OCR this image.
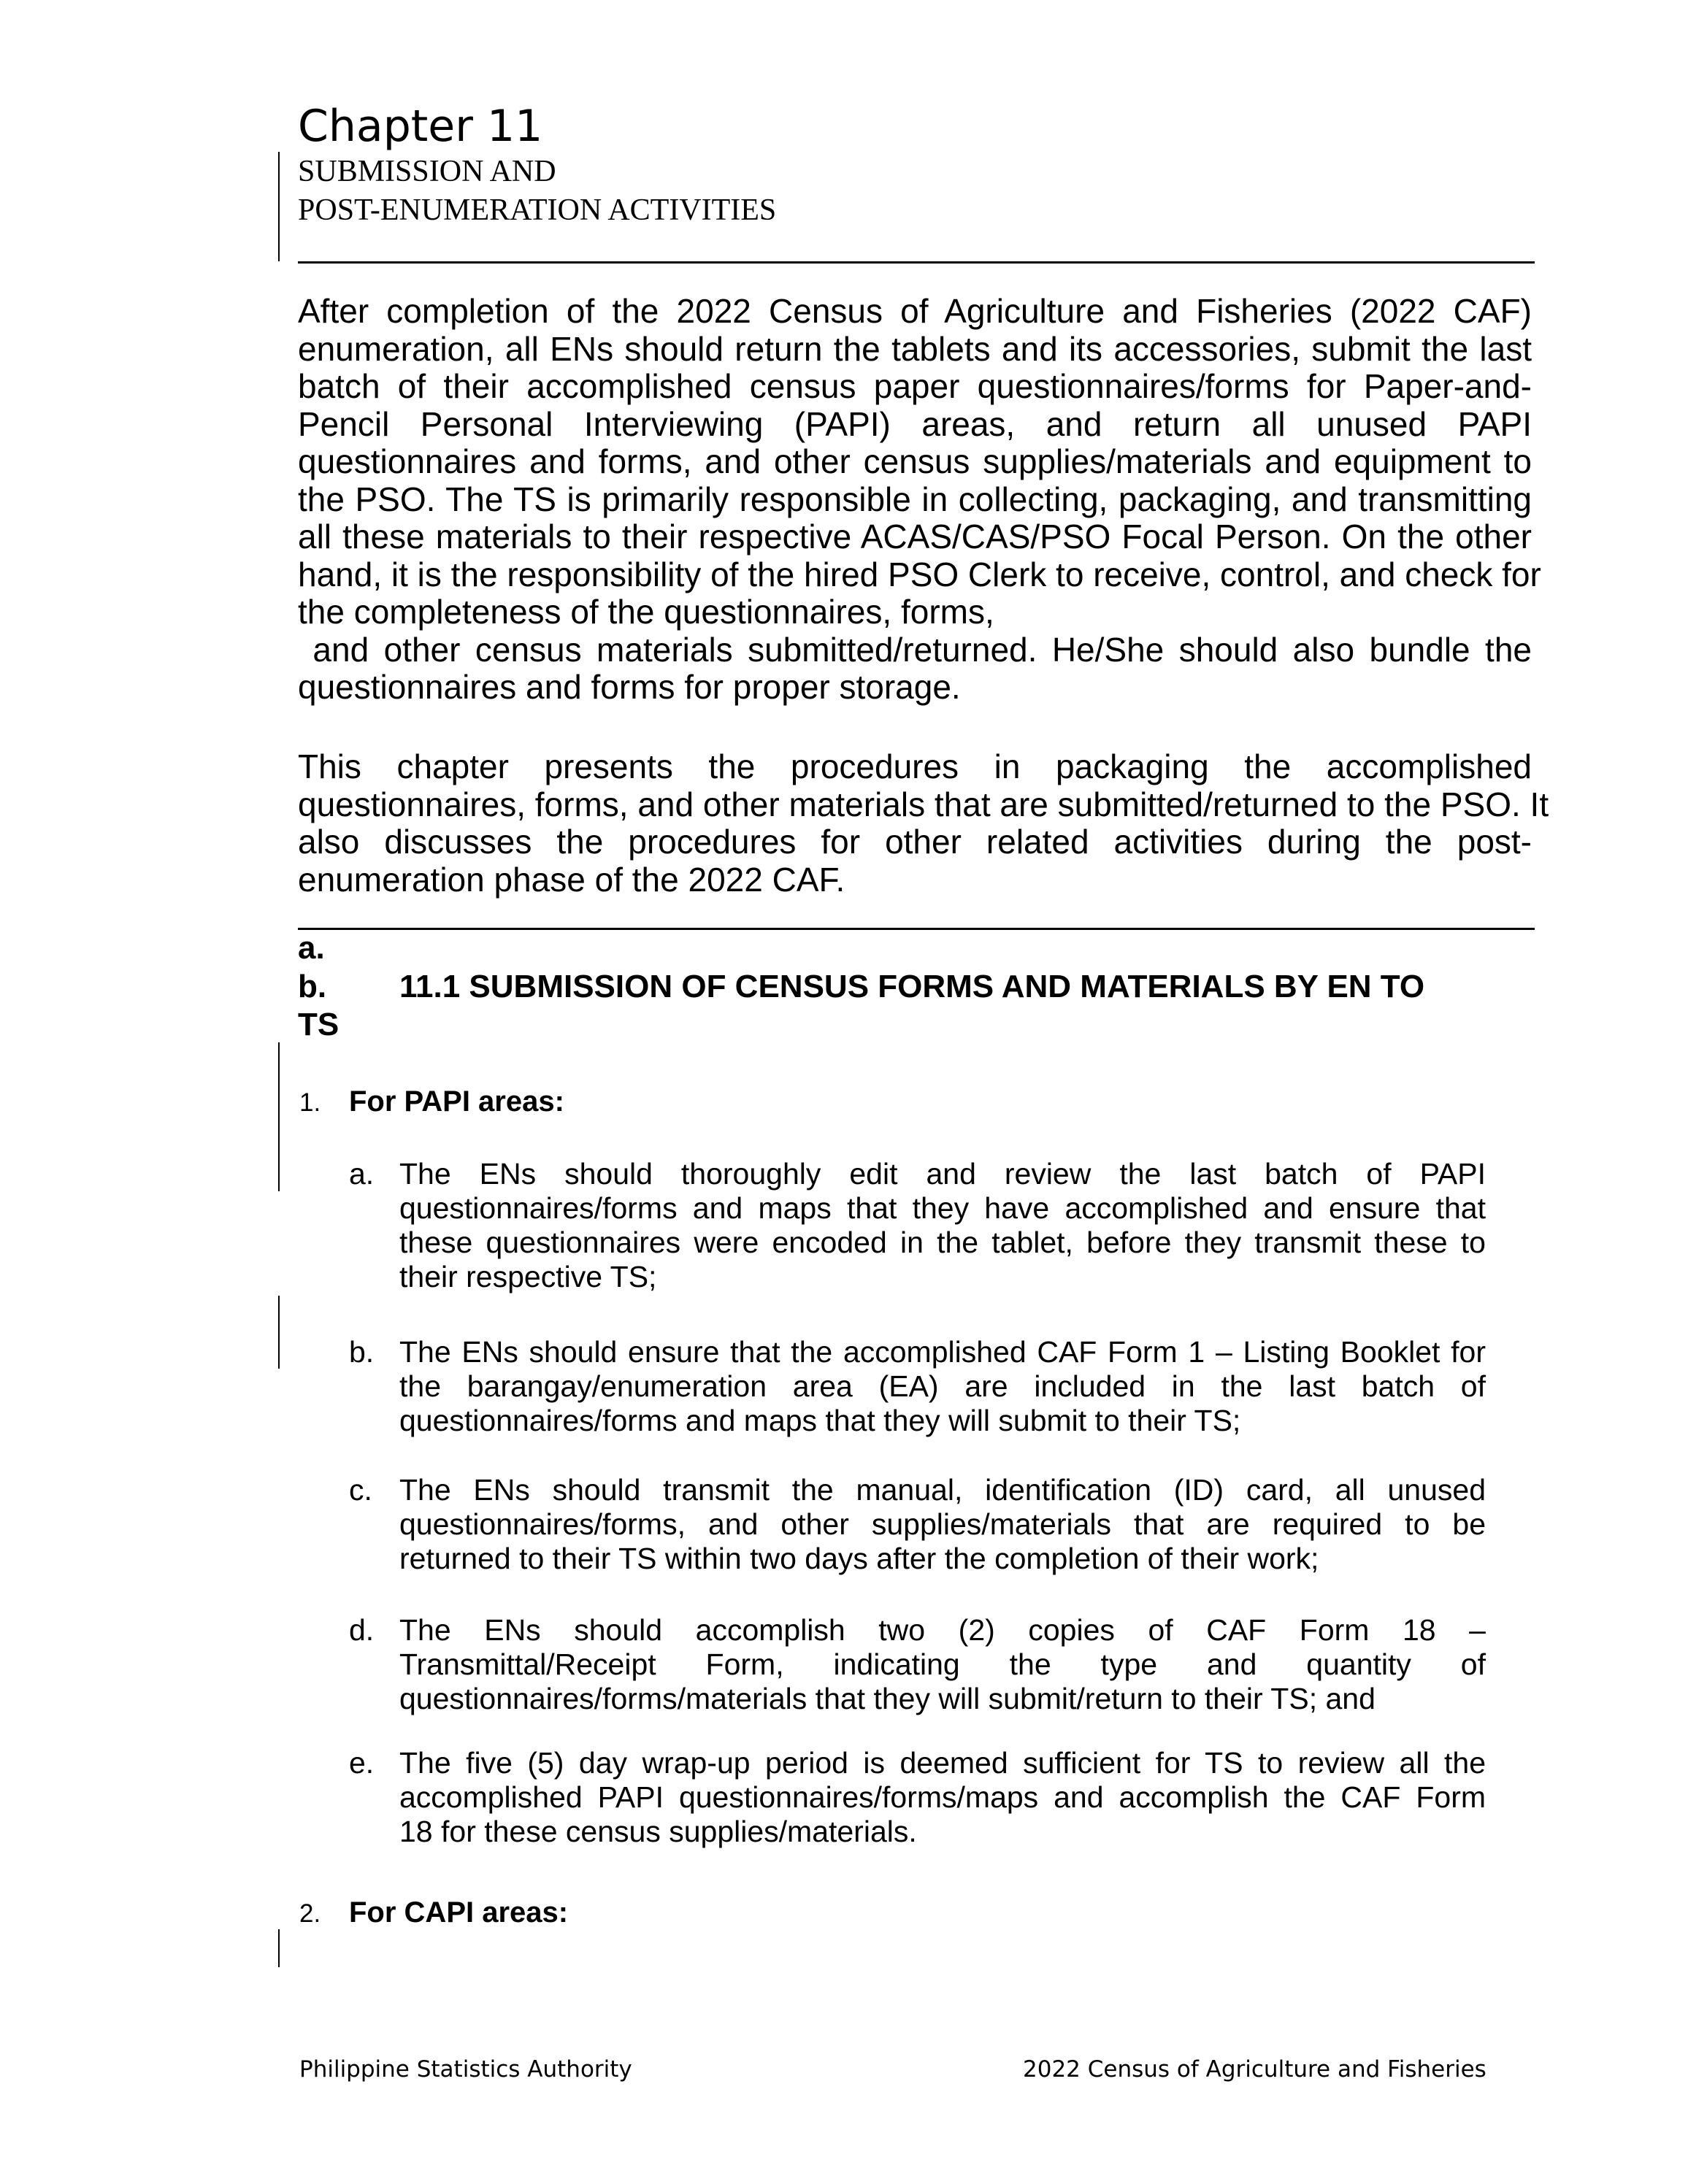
Chapter 11
SUBMISSION AND
POST-ENUMERATION ACTIVITIES
After completion of the 2022 Census of Agriculture and Fisheries (2022 CAF)
enumeration, all ENs should return the tablets and its accessories, submit the last
batch of their accomplished census paper questionnaires/forms for Paper-and-
Pencil Personal Interviewing (PAPI) areas, and return all unused PAPI
questionnaires and forms, and other census supplies/materials and equipment to
the PSO. The TS is primarily responsible in collecting, packaging, and transmitting
all these materials to their respective ACAS/CAS/PSO Focal Person. On the other
hand, it is the responsibility of the hired PSO Clerk to receive, control, and check for
the completeness of the questionnaires, forms,
and other census materials submitted/returned. He/She should also bundle the
questionnaires and forms for proper storage.
This chapter presents the procedures in packaging the accomplished
questionnaires, forms, and other materials that are submitted/returned to the PSO. It
also discusses the procedures for other related activities during the post-
enumeration phase of the 2022 CAF.
a.
b.	11.1 SUBMISSION OF CENSUS FORMS AND MATERIALS BY EN TO
TS
1. For PAPI areas:
a. The ENs should thoroughly edit and review the last batch of PAPI
questionnaires/forms and maps that they have accomplished and ensure that
these questionnaires were encoded in the tablet, before they transmit these to
their respective TS;
b. The ENs should ensure that the accomplished CAF Form 1 – Listing Booklet for
the barangay/enumeration area (EA) are included in the last batch of
questionnaires/forms and maps that they will submit to their TS;
c. The ENs should transmit the manual, identification (ID) card, all unused
questionnaires/forms, and other supplies/materials that are required to be
returned to their TS within two days after the completion of their work;
d. The ENs should accomplish two (2) copies of CAF Form 18 –
Transmittal/Receipt Form, indicating the type and quantity of
questionnaires/forms/materials that they will submit/return to their TS; and
e. The five (5) day wrap-up period is deemed sufficient for TS to review all the
accomplished PAPI questionnaires/forms/maps and accomplish the CAF Form
18 for these census supplies/materials.
2. For CAPI areas:
Philippine Statistics Authority	2022 Census of Agriculture and Fisheries
